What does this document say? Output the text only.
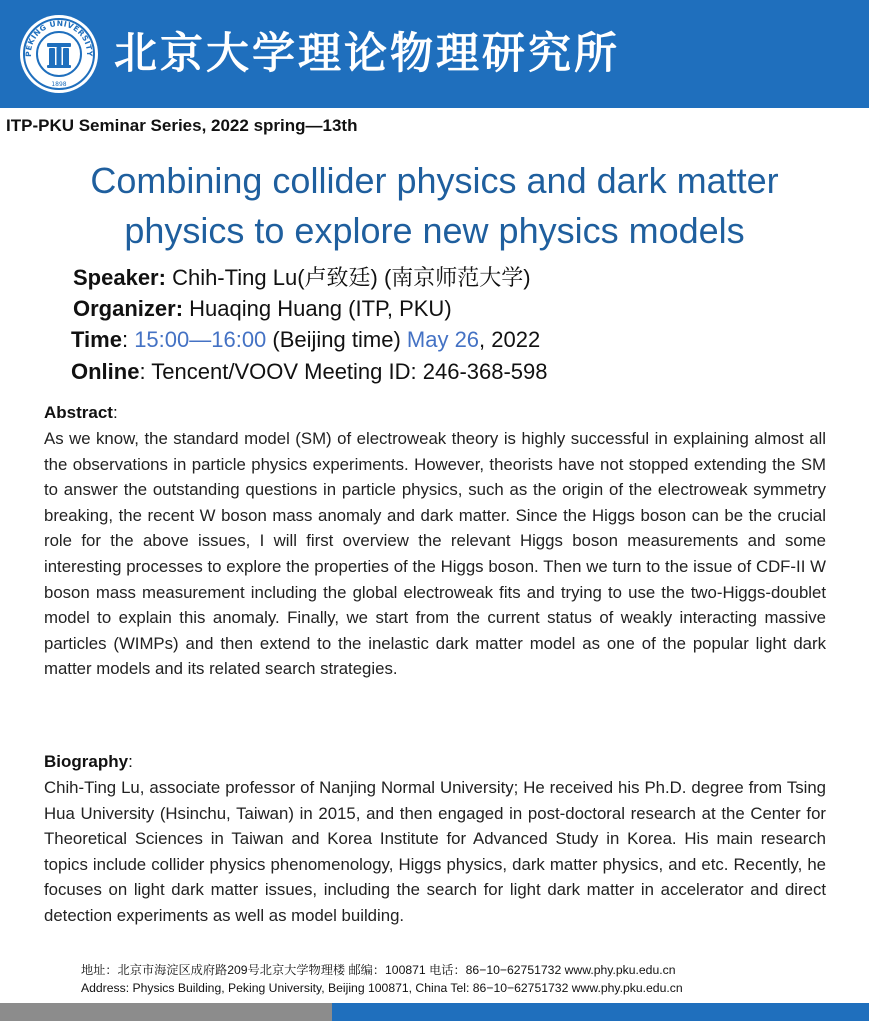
PEKING UNIVERSITY
1898
北京大学理论物理研究所
ITP-PKU Seminar Series, 2022 spring—13th
Combining collider physics and dark matter
physics to explore new physics models
Speaker: Chih-Ting Lu(卢致廷) (南京师范大学)
Organizer: Huaqing Huang (ITP, PKU)
Time: 15:00—16:00 (Beijing time) May 26, 2022
Online: Tencent/VOOV Meeting ID: 246-368-598
Abstract:
As we know, the standard model (SM) of electroweak theory is highly successful in explaining almost all the observations in particle physics experiments. However, theorists have not stopped extending the SM to answer the outstanding questions in particle physics, such as the origin of the electroweak symmetry breaking, the recent W boson mass anomaly and dark matter. Since the Higgs boson can be the crucial role for the above issues, I will first overview the relevant Higgs boson measurements and some interesting processes to explore the properties of the Higgs boson. Then we turn to the issue of CDF-II W boson mass measurement including the global electroweak fits and trying to use the two-Higgs-doublet model to explain this anomaly. Finally, we start from the current status of weakly interacting massive particles (WIMPs) and then extend to the inelastic dark matter model as one of the popular light dark matter models and its related search strategies.
Biography:
Chih-Ting Lu, associate professor of Nanjing Normal University; He received his Ph.D. degree from Tsing Hua University (Hsinchu, Taiwan) in 2015, and then engaged in post-doctoral research at the Center for Theoretical Sciences in Taiwan and Korea Institute for Advanced Study in Korea. His main research topics include collider physics phenomenology, Higgs physics, dark matter physics, and etc. Recently, he focuses on light dark matter issues, including the search for light dark matter in accelerator and direct detection experiments as well as model building.
地址：北京市海淀区成府路209号北京大学物理楼 邮编：100871 电话：86−10−62751732 www.phy.pku.edu.cn
Address: Physics Building, Peking University, Beijing 100871, China Tel: 86−10−62751732 www.phy.pku.edu.cn
